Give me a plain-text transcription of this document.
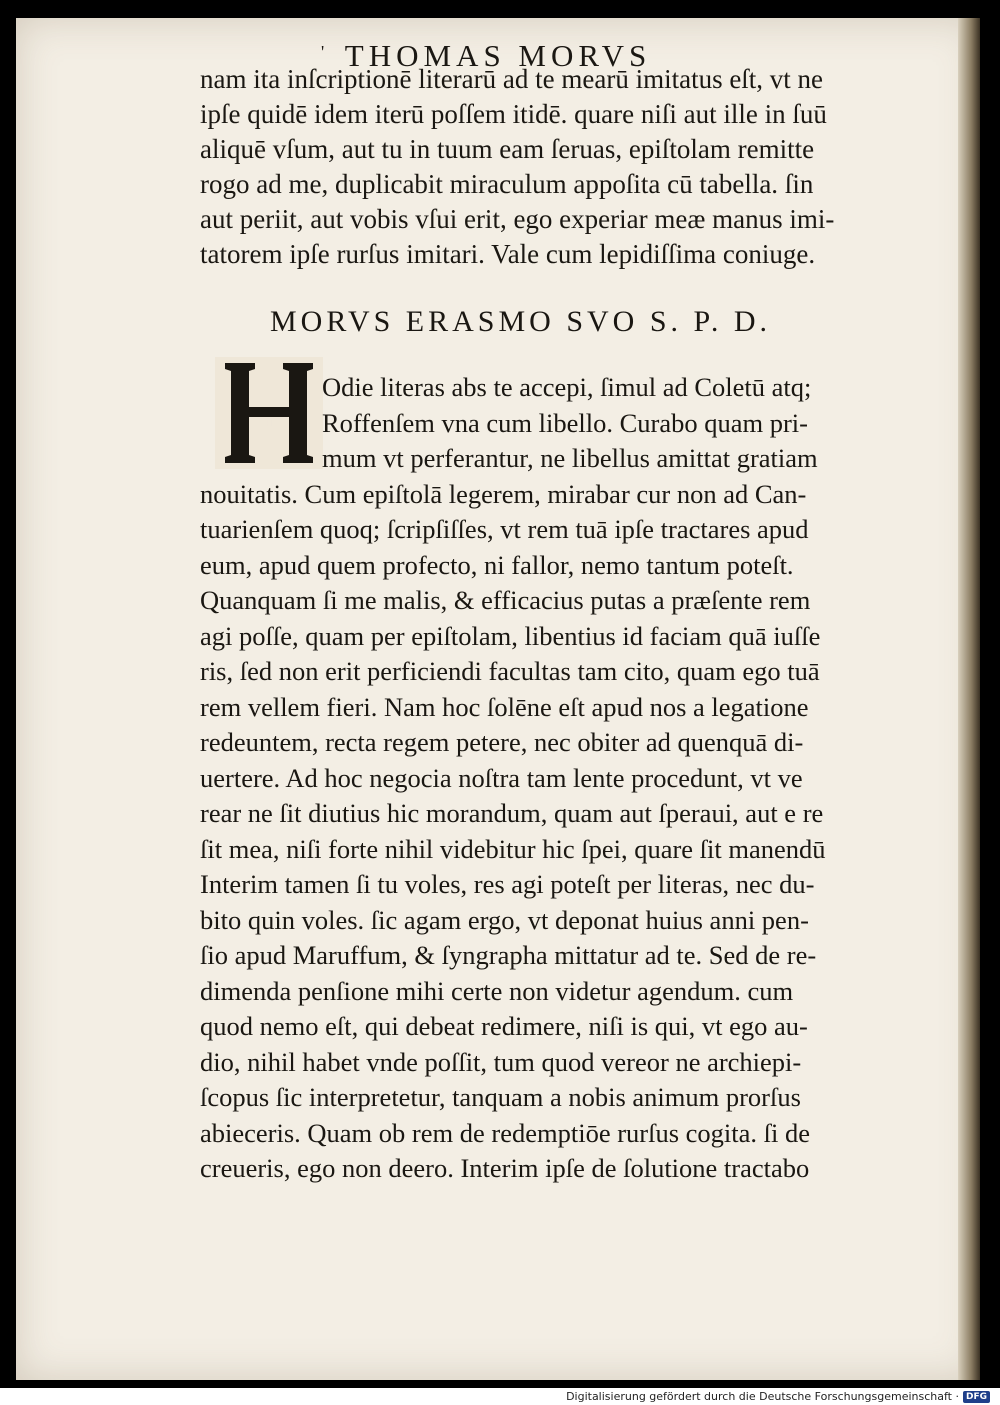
' THOMAS MORVS
nam ita inſcriptionē literarū ad te mearū imitatus eſt, vt ne
ipſe quidē idem iterū poſſem itidē. quare niſi aut ille in ſuū
aliquē vſum, aut tu in tuum eam ſeruas, epiſtolam remitte
rogo ad me, duplicabit miraculum appoſita cū tabella. ſin
aut periit, aut vobis vſui erit, ego experiar meæ manus imi-
tatorem ipſe rurſus imitari. Vale cum lepidiſſima coniuge.
MORVS ERASMO SVO S. P. D.
H
Odie literas abs te accepi, ſimul ad Coletū atq;
Roffenſem vna cum libello. Curabo quam pri-
mum vt perferantur, ne libellus amittat gratiam
nouitatis. Cum epiſtolā legerem, mirabar cur non ad Can-
tuarienſem quoq; ſcripſiſſes, vt rem tuā ipſe tractares apud
eum, apud quem profecto, ni fallor, nemo tantum poteſt.
Quanquam ſi me malis, & efficacius putas a præſente rem
agi poſſe, quam per epiſtolam, libentius id faciam quā iuſſe
ris, ſed non erit perficiendi facultas tam cito, quam ego tuā
rem vellem fieri. Nam hoc ſolēne eſt apud nos a legatione
redeuntem, recta regem petere, nec obiter ad quenquā di-
uertere. Ad hoc negocia noſtra tam lente procedunt, vt ve
rear ne ſit diutius hic morandum, quam aut ſperaui, aut e re
ſit mea, niſi forte nihil videbitur hic ſpei, quare ſit manendū
Interim tamen ſi tu voles, res agi poteſt per literas, nec du-
bito quin voles. ſic agam ergo, vt deponat huius anni pen-
ſio apud Maruffum, & ſyngrapha mittatur ad te. Sed de re-
dimenda penſione mihi certe non videtur agendum. cum
quod nemo eſt, qui debeat redimere, niſi is qui, vt ego au-
dio, nihil habet vnde poſſit, tum quod vereor ne archiepi-
ſcopus ſic interpretetur, tanquam a nobis animum prorſus
abieceris. Quam ob rem de redemptiōe rurſus cogita. ſi de
creueris, ego non deero. Interim ipſe de ſolutione tractabo
Digitalisierung gefördert durch die Deutsche Forschungsgemeinschaft · DFG
